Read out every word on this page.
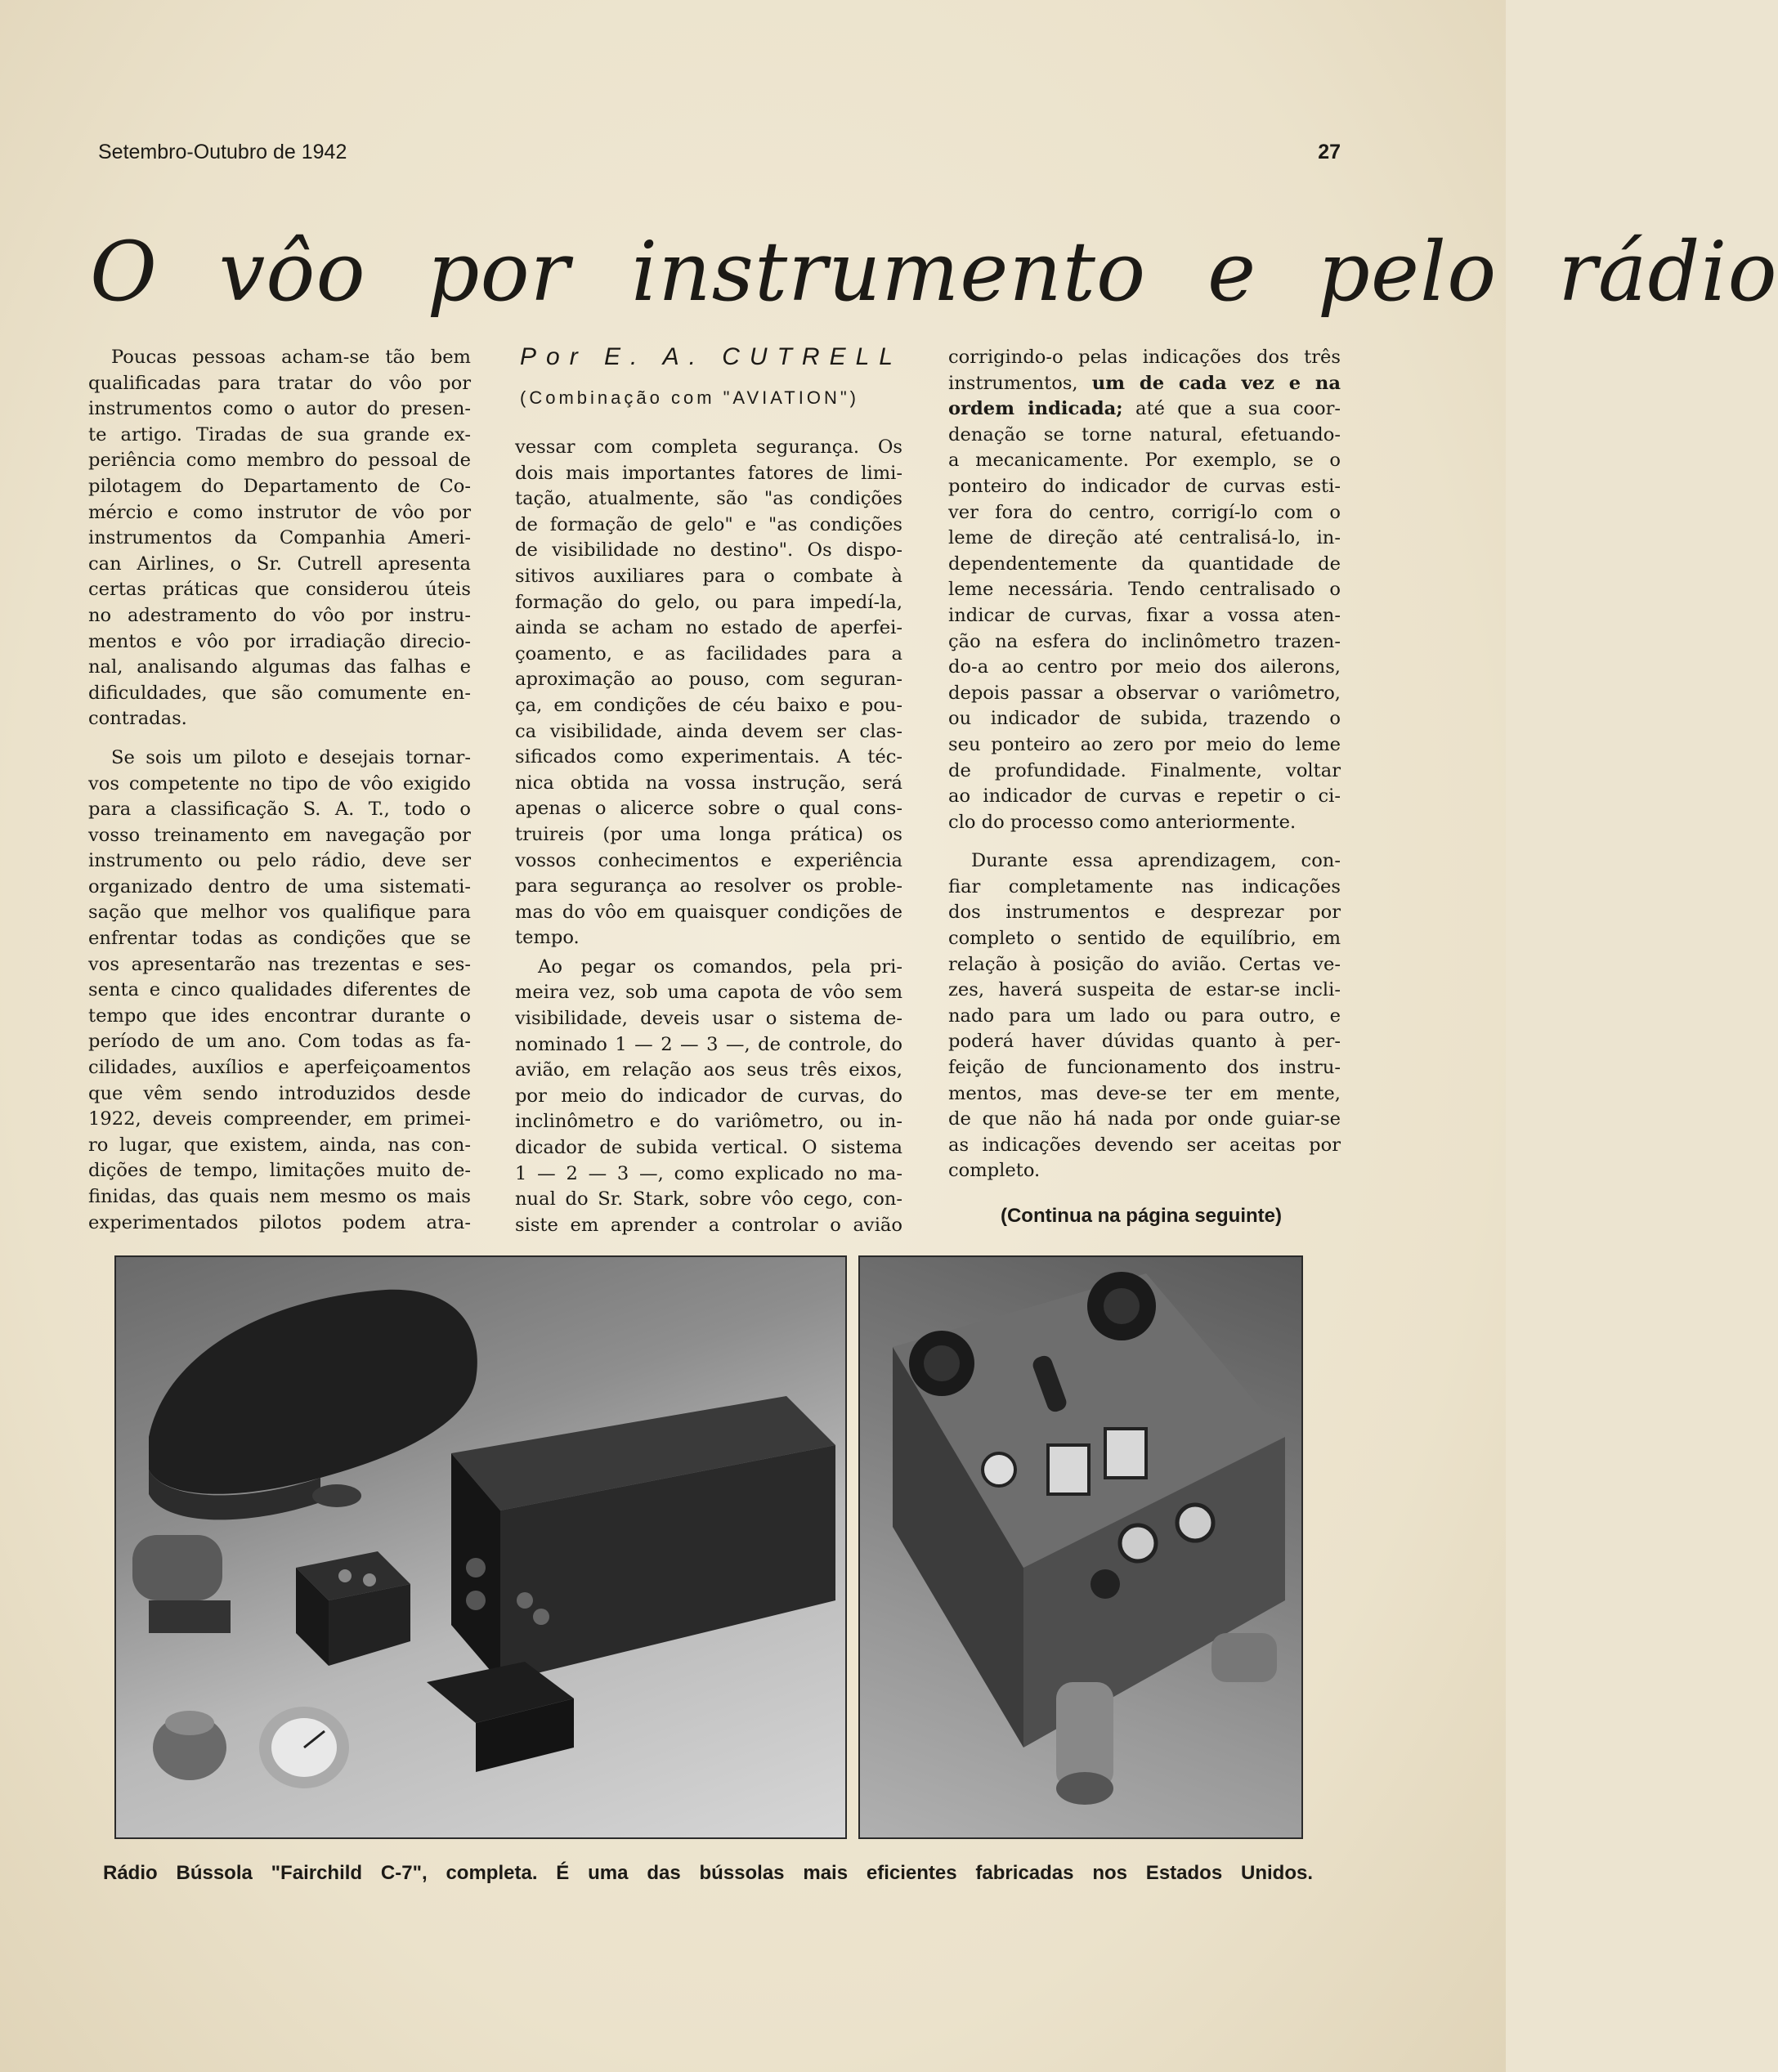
Setembro-Outubro de 1942	27
O vôo por instrumento e pelo rádio
Poucas pessoas acham-se tão bem
qualificadas para tratar do vôo por
instrumentos como o autor do presen-
te artigo. Tiradas de sua grande ex-
periência como membro do pessoal de
pilotagem do Departamento de Co-
mércio e como instrutor de vôo por
instrumentos da Companhia Ameri-
can Airlines, o Sr. Cutrell apresenta
certas práticas que considerou úteis
no adestramento do vôo por instru-
mentos e vôo por irradiação direcio-
nal, analisando algumas das falhas e
dificuldades, que são comumente en-
contradas.
Se sois um piloto e desejais tornar-
vos competente no tipo de vôo exigido
para a classificação S. A. T., todo o
vosso treinamento em navegação por
instrumento ou pelo rádio, deve ser
organizado dentro de uma sistemati-
sação que melhor vos qualifique para
enfrentar todas as condições que se
vos apresentarão nas trezentas e ses-
senta e cinco qualidades diferentes de
tempo que ides encontrar durante o
período de um ano. Com todas as fa-
cilidades, auxílios e aperfeiçoamentos
que vêm sendo introduzidos desde
1922, deveis compreender, em primei-
ro lugar, que existem, ainda, nas con-
dições de tempo, limitações muito de-
finidas, das quais nem mesmo os mais
experimentados pilotos podem atra-
Por E. A. CUTRELL
(Combinação com "AVIATION")
vessar com completa segurança. Os
dois mais importantes fatores de limi-
tação, atualmente, são "as condições
de formação de gelo" e "as condições
de visibilidade no destino". Os dispo-
sitivos auxiliares para o combate à
formação do gelo, ou para impedí-la,
ainda se acham no estado de aperfei-
çoamento, e as facilidades para a
aproximação ao pouso, com seguran-
ça, em condições de céu baixo e pou-
ca visibilidade, ainda devem ser clas-
sificados como experimentais. A téc-
nica obtida na vossa instrução, será
apenas o alicerce sobre o qual cons-
truireis (por uma longa prática) os
vossos conhecimentos e experiência
para segurança ao resolver os proble-
mas do vôo em quaisquer condições de
tempo.
Ao pegar os comandos, pela pri-
meira vez, sob uma capota de vôo sem
visibilidade, deveis usar o sistema de-
nominado 1 — 2 — 3 —, de controle, do
avião, em relação aos seus três eixos,
por meio do indicador de curvas, do
inclinômetro e do variômetro, ou in-
dicador de subida vertical. O sistema
1 — 2 — 3 —, como explicado no ma-
nual do Sr. Stark, sobre vôo cego, con-
siste em aprender a controlar o avião
corrigindo-o pelas indicações dos três
instrumentos, um de cada vez e na
ordem indicada; até que a sua coor-
denação se torne natural, efetuando-
a mecanicamente. Por exemplo, se o
ponteiro do indicador de curvas esti-
ver fora do centro, corrigí-lo com o
leme de direção até centralisá-lo, in-
dependentemente da quantidade de
leme necessária. Tendo centralisado o
indicar de curvas, fixar a vossa aten-
ção na esfera do inclinômetro trazen-
do-a ao centro por meio dos ailerons,
depois passar a observar o variômetro,
ou indicador de subida, trazendo o
seu ponteiro ao zero por meio do leme
de profundidade. Finalmente, voltar
ao indicador de curvas e repetir o ci-
clo do processo como anteriormente.
Durante essa aprendizagem, con-
fiar completamente nas indicações
dos instrumentos e desprezar por
completo o sentido de equilíbrio, em
relação à posição do avião. Certas ve-
zes, haverá suspeita de estar-se incli-
nado para um lado ou para outro, e
poderá haver dúvidas quanto à per-
feição de funcionamento dos instru-
mentos, mas deve-se ter em mente,
de que não há nada por onde guiar-se
as indicações devendo ser aceitas por
completo.
(Continua na página seguinte)
Rádio Bússola "Fairchild C-7", completa. É uma das bússolas mais eficientes fabricadas nos Estados Unidos.
